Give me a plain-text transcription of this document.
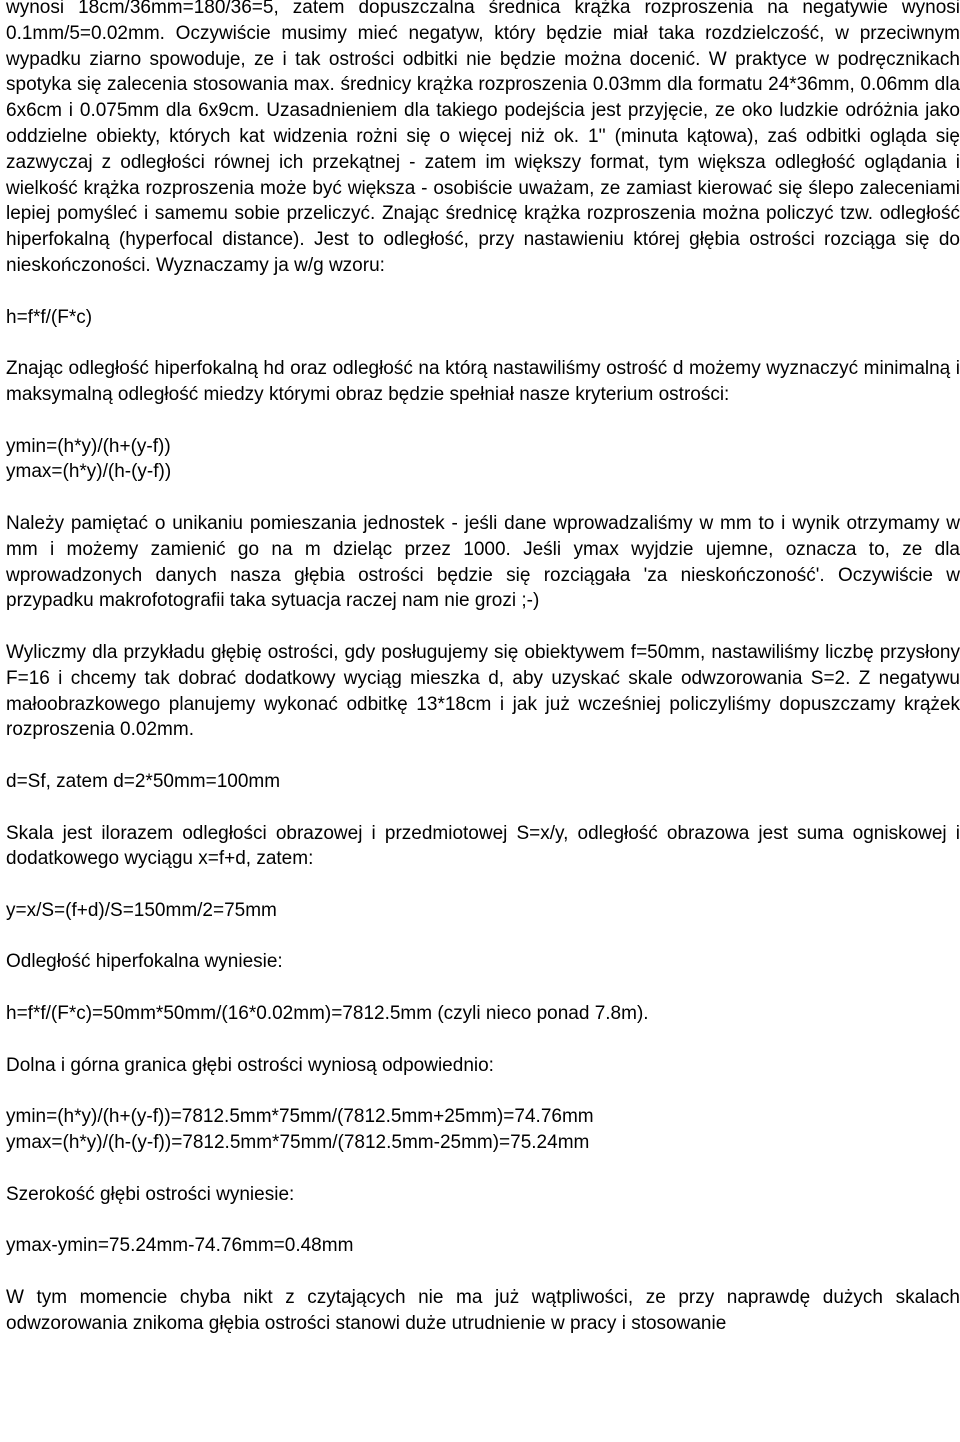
wynosi 18cm/36mm=180/36=5, zatem dopuszczalna średnica krążka rozproszenia na negatywie wynosi 0.1mm/5=0.02mm. Oczywiście musimy mieć negatyw, który będzie miał taka rozdzielczość, w przeciwnym wypadku ziarno spowoduje, ze i tak ostrości odbitki nie będzie można docenić. W praktyce w podręcznikach spotyka się zalecenia stosowania max. średnicy krążka rozproszenia 0.03mm dla formatu 24*36mm, 0.06mm dla 6x6cm i 0.075mm dla 6x9cm. Uzasadnieniem dla takiego podejścia jest przyjęcie, ze oko ludzkie odróżnia jako oddzielne obiekty, których kat widzenia rożni się o więcej niż ok. 1'' (minuta kątowa), zaś odbitki ogląda się zazwyczaj z odległości równej ich przekątnej - zatem im większy format, tym większa odległość oglądania i wielkość krążka rozproszenia może być większa - osobiście uważam, ze zamiast kierować się ślepo zaleceniami lepiej pomyśleć i samemu sobie przeliczyć. Znając średnicę krążka rozproszenia można policzyć tzw. odległość hiperfokalną (hyperfocal distance). Jest to odległość, przy nastawieniu której głębia ostrości rozciąga się do nieskończoności. Wyznaczamy ja w/g wzoru:

h=f*f/(F*c)

Znając odległość hiperfokalną hd oraz odległość na którą nastawiliśmy ostrość d możemy wyznaczyć minimalną i maksymalną odległość miedzy którymi obraz będzie spełniał nasze kryterium ostrości:

ymin=(h*y)/(h+(y-f))

ymax=(h*y)/(h-(y-f))

Należy pamiętać o unikaniu pomieszania jednostek - jeśli dane wprowadzaliśmy w mm to i wynik otrzymamy w mm i możemy zamienić go na m dzieląc przez 1000. Jeśli ymax wyjdzie ujemne, oznacza to, ze dla wprowadzonych danych nasza głębia ostrości będzie się rozciągała 'za nieskończoność'. Oczywiście w przypadku makrofotografii taka sytuacja raczej nam nie grozi ;-)

Wyliczmy dla przykładu głębię ostrości, gdy posługujemy się obiektywem f=50mm, nastawiliśmy liczbę przysłony F=16 i chcemy tak dobrać dodatkowy wyciąg mieszka d, aby uzyskać skale odwzorowania S=2. Z negatywu małoobrazkowego planujemy wykonać odbitkę 13*18cm i jak już wcześniej policzyliśmy dopuszczamy krążek rozproszenia 0.02mm.

d=Sf, zatem d=2*50mm=100mm

Skala jest ilorazem odległości obrazowej i przedmiotowej S=x/y, odległość obrazowa jest suma ogniskowej i dodatkowego wyciągu x=f+d, zatem:

y=x/S=(f+d)/S=150mm/2=75mm

Odległość hiperfokalna wyniesie:

h=f*f/(F*c)=50mm*50mm/(16*0.02mm)=7812.5mm (czyli nieco ponad 7.8m).

Dolna i górna granica głębi ostrości wyniosą odpowiednio:

ymin=(h*y)/(h+(y-f))=7812.5mm*75mm/(7812.5mm+25mm)=74.76mm

ymax=(h*y)/(h-(y-f))=7812.5mm*75mm/(7812.5mm-25mm)=75.24mm

Szerokość głębi ostrości wyniesie:

ymax-ymin=75.24mm-74.76mm=0.48mm

W tym momencie chyba nikt z czytających nie ma już wątpliwości, ze przy naprawdę dużych skalach odwzorowania znikoma głębia ostrości stanowi duże utrudnienie w pracy i stosowanie
